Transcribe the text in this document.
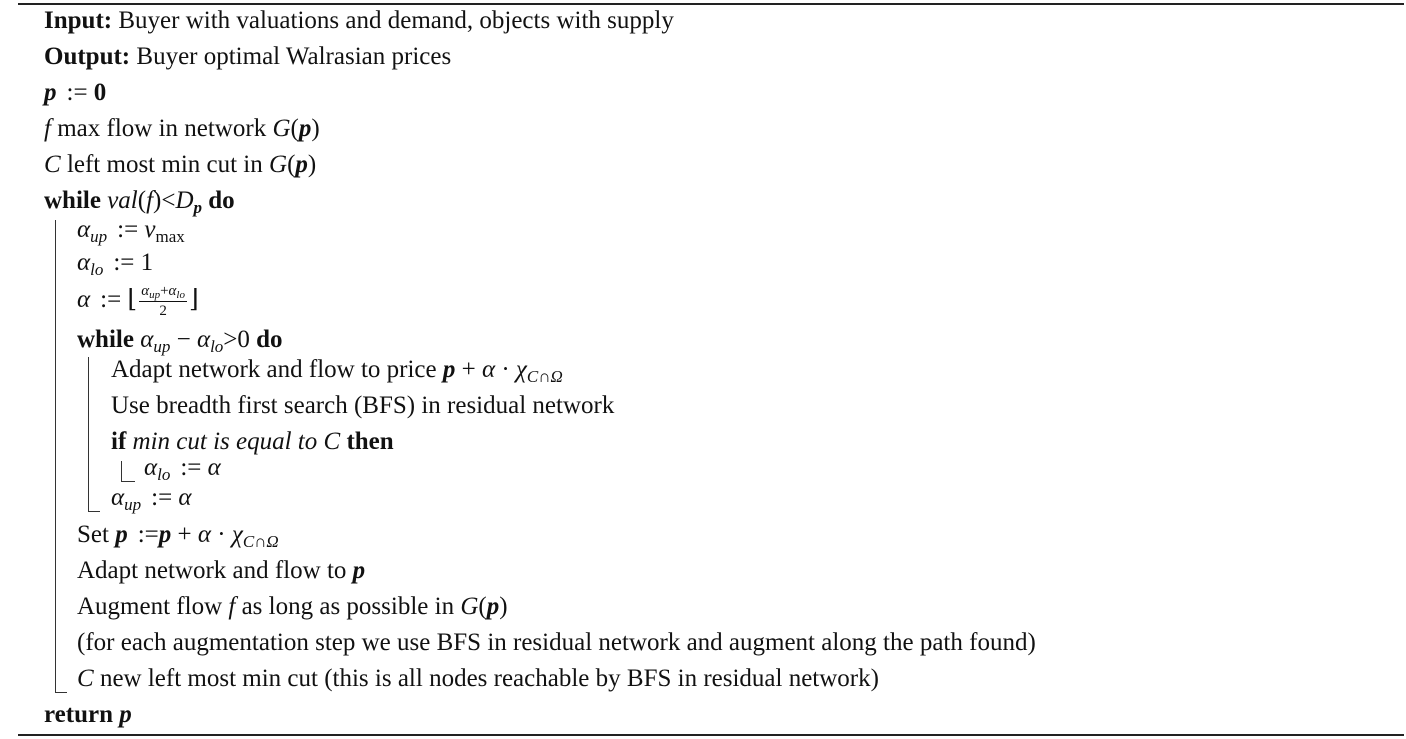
Input: Buyer with valuations and demand, objects with supply
Output: Buyer optimal Walrasian prices
p := 0
f max flow in network G(p)
C left most min cut in G(p)
while $val(f)<D_p$ do
$\alpha_{up}$ := $v_{max}$
$\alpha_{lo}$ := 1
α := ⌊ $\frac{\alpha_{up}+\alpha_{lo}}{2}$ ⌋
while $\alpha_{up} - \alpha_{lo}>0$ do
Adapt network and flow to price $p + \alpha \cdot \chi_{C\cap\Omega}$
Use breadth first search (BFS) in residual network
if min cut is equal to C then
$\alpha_{lo}$ := α
$\alpha_{up}$ := α
Set p :=p + $\alpha \cdot \chi_{C\cap\Omega}$
Adapt network and flow to p
Augment flow f as long as possible in G(p)
(for each augmentation step we use BFS in residual network and augment along the path found)
C new left most min cut (this is all nodes reachable by BFS in residual network)
return p
